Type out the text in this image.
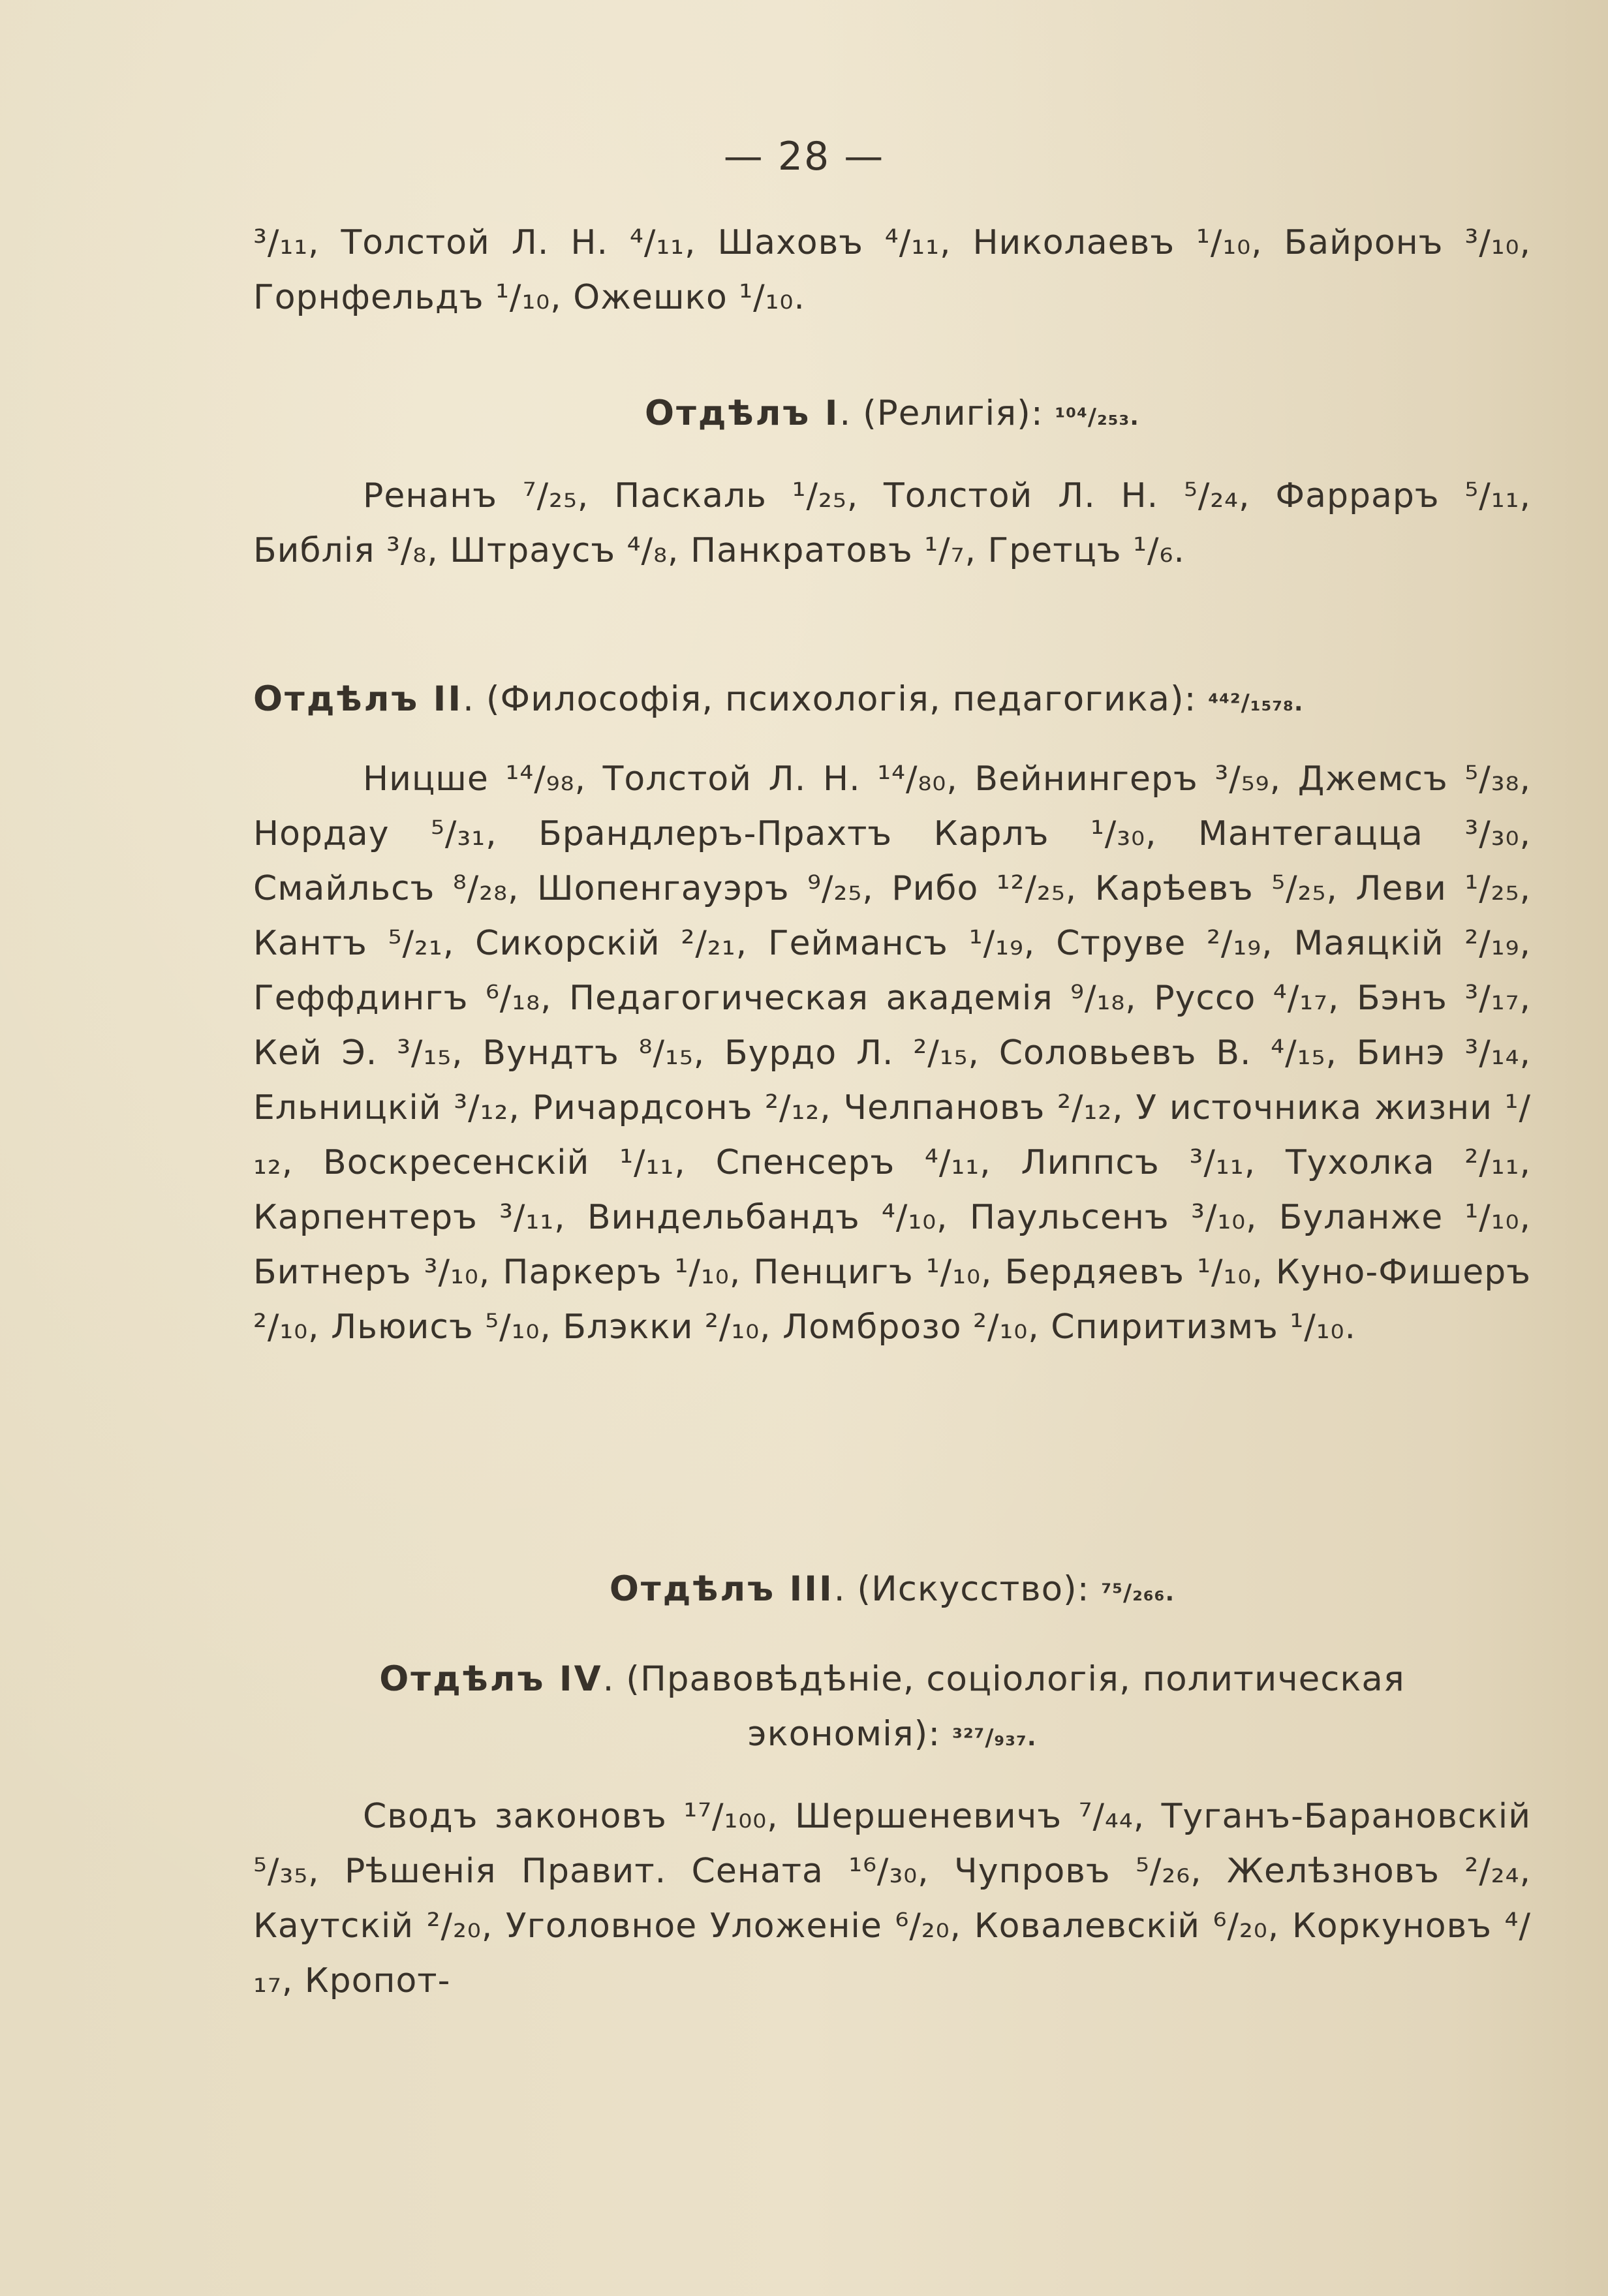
— 28 —

³/₁₁, Толстой Л. Н. ⁴/₁₁, Шаховъ ⁴/₁₁, Николаевъ ¹/₁₀, Байронъ ³/₁₀, Горнфельдъ ¹/₁₀, Ожешко ¹/₁₀.

Отдѣлъ I. (Религія): ¹⁰⁴/₂₅₃.

Ренанъ ⁷/₂₅, Паскаль ¹/₂₅, Толстой Л. Н. ⁵/₂₄, Фарраръ ⁵/₁₁, Библія ³/₈, Штраусъ ⁴/₈, Панкратовъ ¹/₇, Гретцъ ¹/₆.

Отдѣлъ II. (Философія, психологія, педагогика): ⁴⁴²/₁₅₇₈.

Ницше ¹⁴/₉₈, Толстой Л. Н. ¹⁴/₈₀, Вейнингеръ ³/₅₉, Джемсъ ⁵/₃₈, Нордау ⁵/₃₁, Брандлеръ-Прахтъ Карлъ ¹/₃₀, Мантегацца ³/₃₀, Смайльсъ ⁸/₂₈, Шопенгауэръ ⁹/₂₅, Рибо ¹²/₂₅, Карѣевъ ⁵/₂₅, Леви ¹/₂₅, Кантъ ⁵/₂₁, Сикорскій ²/₂₁, Геймансъ ¹/₁₉, Струве ²/₁₉, Маяцкій ²/₁₉, Геффдингъ ⁶/₁₈, Педагогическая академія ⁹/₁₈, Руссо ⁴/₁₇, Бэнъ ³/₁₇, Кей Э. ³/₁₅, Вундтъ ⁸/₁₅, Бурдо Л. ²/₁₅, Соловьевъ В. ⁴/₁₅, Бинэ ³/₁₄, Ельницкій ³/₁₂, Ричардсонъ ²/₁₂, Челпановъ ²/₁₂, У источника жизни ¹/₁₂, Воскресенскій ¹/₁₁, Спенсеръ ⁴/₁₁, Липпсъ ³/₁₁, Тухолка ²/₁₁, Карпентеръ ³/₁₁, Виндельбандъ ⁴/₁₀, Паульсенъ ³/₁₀, Буланже ¹/₁₀, Битнеръ ³/₁₀, Паркеръ ¹/₁₀, Пенцигъ ¹/₁₀, Бердяевъ ¹/₁₀, Куно-Фишеръ ²/₁₀, Льюисъ ⁵/₁₀, Блэкки ²/₁₀, Ломброзо ²/₁₀, Спиритизмъ ¹/₁₀.

Отдѣлъ III. (Искусство): ⁷⁵/₂₆₆.
Отдѣлъ IV. (Правовѣдѣніе, соціологія, политическая экономія): ³²⁷/₉₃₇.

Сводъ законовъ ¹⁷/₁₀₀, Шершеневичъ ⁷/₄₄, Туганъ-Барановскій ⁵/₃₅, Рѣшенія Правит. Сената ¹⁶/₃₀, Чупровъ ⁵/₂₆, Желѣзновъ ²/₂₄, Каутскій ²/₂₀, Уголовное Уложеніе ⁶/₂₀, Ковалевскій ⁶/₂₀, Коркуновъ ⁴/₁₇, Кропот-
